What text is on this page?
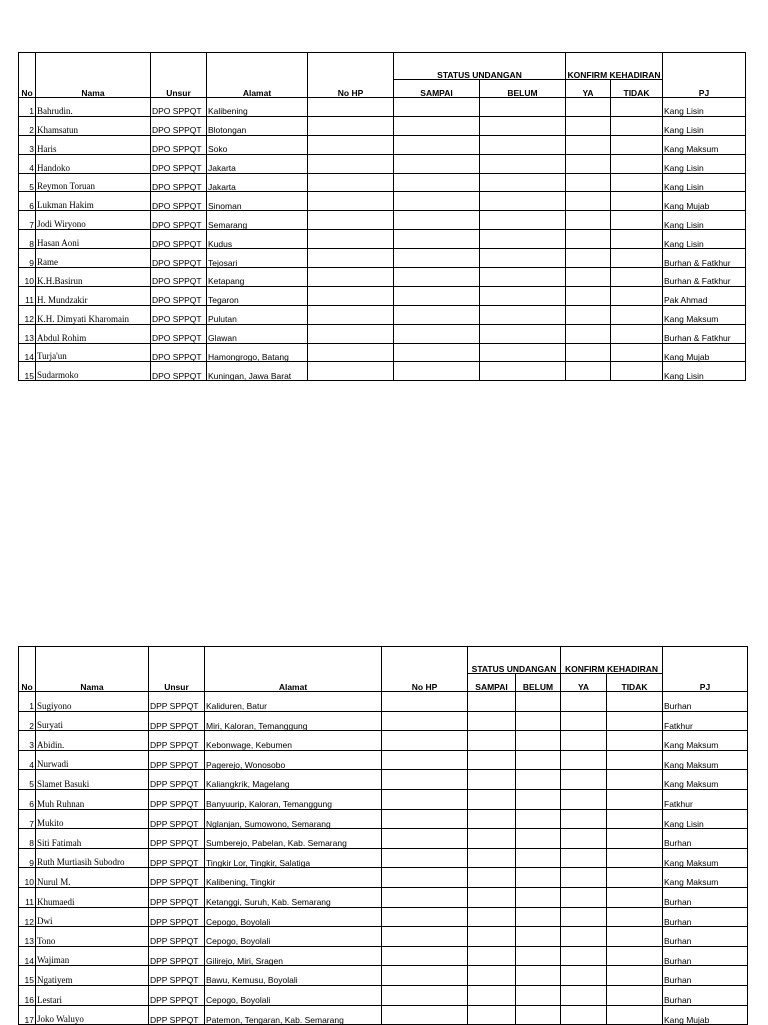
					STATUS UNDANGAN		KONFIRM KEHADIRAN		
No	Nama	Unsur	Alamat	No HP	SAMPAI	BELUM	YA	TIDAK	PJ
1	Bahrudin.	DPO SPPQT	Kalibening						Kang Lisin
2	Khamsatun	DPO SPPQT	Blotongan						Kang Lisin
3	Haris	DPO SPPQT	Soko						Kang Maksum
4	Handoko	DPO SPPQT	Jakarta						Kang Lisin
5	Reymon Toruan	DPO SPPQT	Jakarta						Kang Lisin
6	Lukman Hakim	DPO SPPQT	Sinoman						Kang Mujab
7	Jodi Wiryono	DPO SPPQT	Semarang						Kang Lisin
8	Hasan Aoni	DPO SPPQT	Kudus						Kang Lisin
9	Rame	DPO SPPQT	Tejosari						Burhan & Fatkhur
10	K.H.Basirun	DPO SPPQT	Ketapang						Burhan & Fatkhur
11	H. Mundzakir	DPO SPPQT	Tegaron						Pak Ahmad
12	K.H. Dimyati Kharomain	DPO SPPQT	Pulutan						Kang Maksum
13	Abdul Rohim	DPO SPPQT	Glawan						Burhan & Fatkhur
14	Turja'un	DPO SPPQT	Hamongrogo, Batang						Kang Mujab
15	Sudarmoko	DPO SPPQT	Kuningan, Jawa Barat						Kang Lisin
					STATUS UNDANGAN		KONFIRM KEHADIRAN		
No	Nama	Unsur	Alamat	No HP	SAMPAI	BELUM	YA	TIDAK	PJ
1	Sugiyono	DPP SPPQT	Kaliduren, Batur						Burhan
2	Suryati	DPP SPPQT	Miri, Kaloran, Temanggung						Fatkhur
3	Abidin.	DPP SPPQT	Kebonwage, Kebumen						Kang Maksum
4	Nurwadi	DPP SPPQT	Pagerejo, Wonosobo						Kang Maksum
5	Slamet Basuki	DPP SPPQT	Kaliangkrik, Magelang						Kang Maksum
6	Muh Ruhnan	DPP SPPQT	Banyuurip, Kaloran, Temanggung						Fatkhur
7	Mukito	DPP SPPQT	Nglanjan, Sumowono, Semarang						Kang Lisin
8	Siti Fatimah	DPP SPPQT	Sumberejo, Pabelan, Kab. Semarang						Burhan
9	Ruth Murtiasih Subodro	DPP SPPQT	Tingkir Lor, Tingkir, Salatiga						Kang Maksum
10	Nurul M.	DPP SPPQT	Kalibening, Tingkir						Kang Maksum
11	Khumaedi	DPP SPPQT	Ketanggi, Suruh, Kab. Semarang						Burhan
12	Dwi	DPP SPPQT	Cepogo, Boyolali						Burhan
13	Tono	DPP SPPQT	Cepogo, Boyolali						Burhan
14	Wajiman	DPP SPPQT	Gilirejo, Miri, Sragen						Burhan
15	Ngatiyem	DPP SPPQT	Bawu, Kemusu, Boyolali						Burhan
16	Lestari	DPP SPPQT	Cepogo, Boyolali						Burhan
17	Joko Waluyo	DPP SPPQT	Patemon, Tengaran, Kab. Semarang						Kang Mujab
